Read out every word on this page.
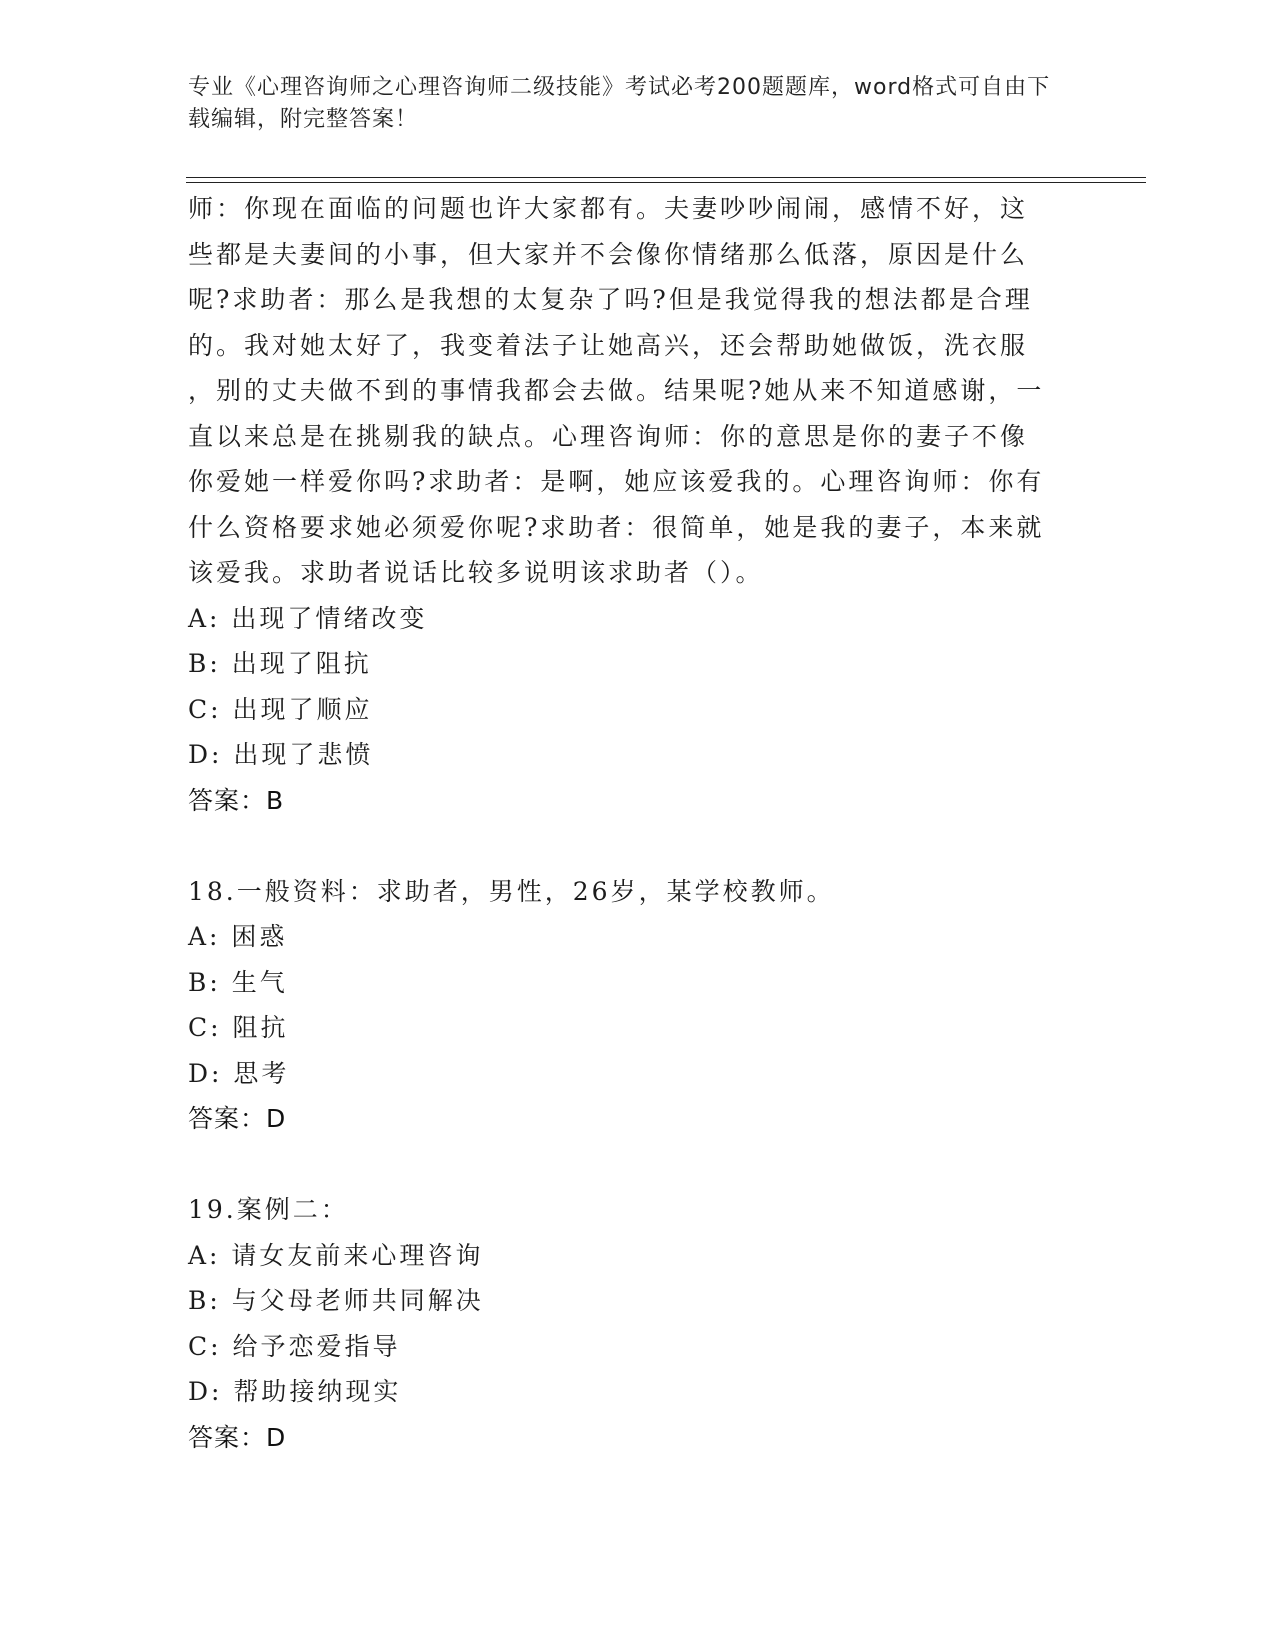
专业《心理咨询师之心理咨询师二级技能》考试必考200题题库，word格式可自由下载编辑，附完整答案！

师：你现在面临的问题也许大家都有。夫妻吵吵闹闹，感情不好，这

些都是夫妻间的小事，但大家并不会像你情绪那么低落，原因是什么

呢?求助者：那么是我想的太复杂了吗?但是我觉得我的想法都是合理

的。我对她太好了，我变着法子让她高兴，还会帮助她做饭，洗衣服

，别的丈夫做不到的事情我都会去做。结果呢?她从来不知道感谢，一

直以来总是在挑剔我的缺点。心理咨询师：你的意思是你的妻子不像

你爱她一样爱你吗?求助者：是啊，她应该爱我的。心理咨询师：你有

什么资格要求她必须爱你呢?求助者：很简单，她是我的妻子，本来就

该爱我。求助者说话比较多说明该求助者（）。

A: 出现了情绪改变

B: 出现了阻抗

C: 出现了顺应

D: 出现了悲愤

答案：B

18.一般资料：求助者，男性，26岁，某学校教师。

A: 困惑

B: 生气

C: 阻抗

D: 思考

答案：D

19.案例二：

A: 请女友前来心理咨询

B: 与父母老师共同解决

C: 给予恋爱指导

D: 帮助接纳现实

答案：D
